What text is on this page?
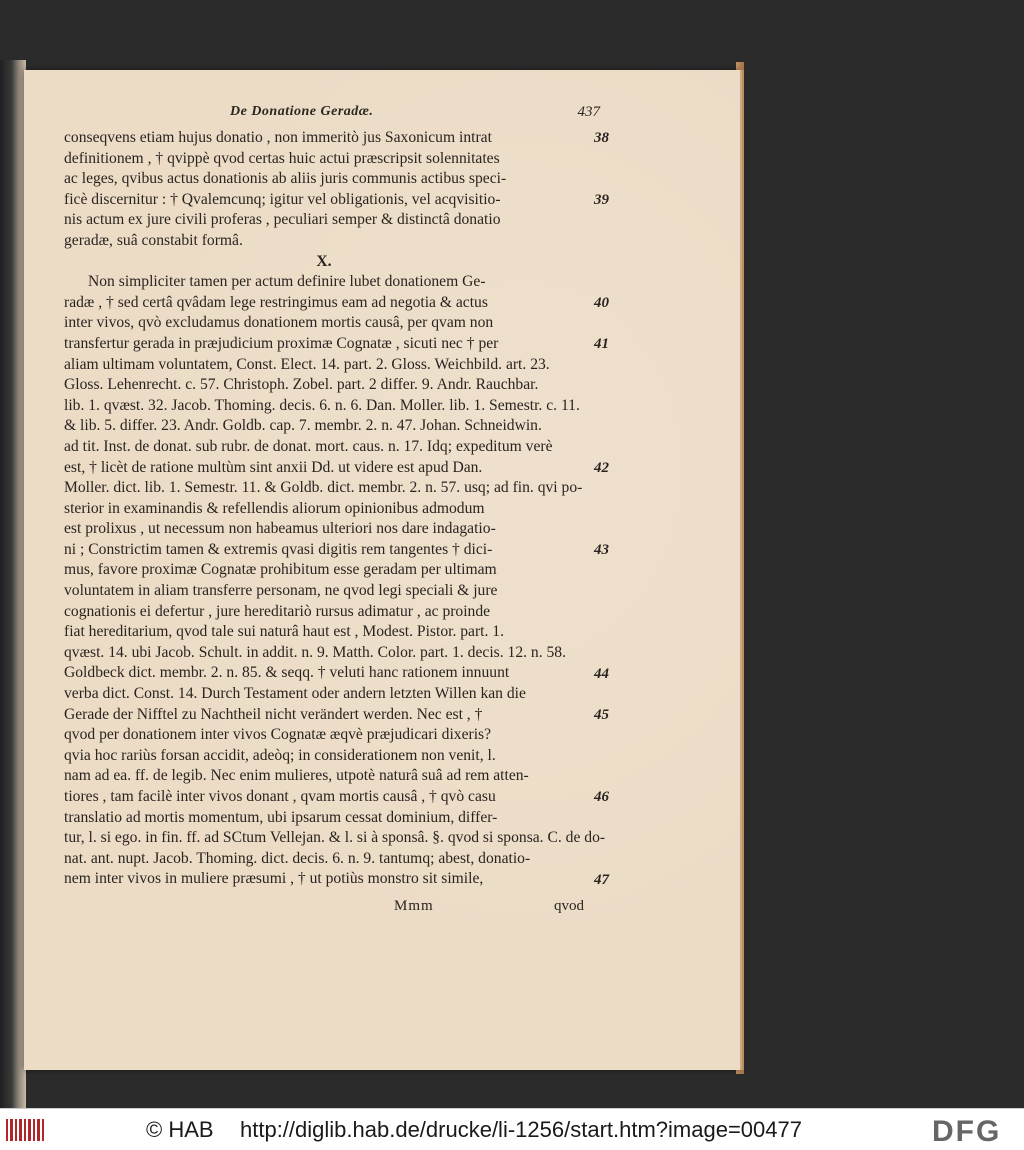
De Donatione Geradæ.	437
conseqvens etiam hujus donatio , non immeritò jus Saxonicum intrat
definitionem , † qvippè qvod certas huic actui præscripsit solennitates
ac leges, qvibus actus donationis ab aliis juris communis actibus speci-
ficè discernitur : † Qvalemcunq; igitur vel obligationis, vel acqvisitio-
nis actum ex jure civili proferas , peculiari semper & distinctâ donatio
geradæ, suâ constabit formâ.
X.
Non simpliciter tamen per actum definire lubet donationem Ge-
radæ , † sed certâ qvâdam lege restringimus eam ad negotia & actus
inter vivos, qvò excludamus donationem mortis causâ, per qvam non
transfertur gerada in præjudicium proximæ Cognatæ , sicuti nec † per
aliam ultimam voluntatem, Const. Elect. 14. part. 2. Gloss. Weichbild. art. 23.
Gloss. Lehenrecht. c. 57. Christoph. Zobel. part. 2 differ. 9. Andr. Rauchbar.
lib. 1. qvæst. 32. Jacob. Thoming. decis. 6. n. 6. Dan. Moller. lib. 1. Semestr. c. 11.
& lib. 5. differ. 23. Andr. Goldb. cap. 7. membr. 2. n. 47. Johan. Schneidwin.
ad tit. Inst. de donat. sub rubr. de donat. mort. caus. n. 17. Idq; expeditum verè
est, † licèt de ratione multùm sint anxii Dd. ut videre est apud Dan.
Moller. dict. lib. 1. Semestr. 11. & Goldb. dict. membr. 2. n. 57. usq; ad fin. qvi po-
sterior in examinandis & refellendis aliorum opinionibus admodum
est prolixus , ut necessum non habeamus ulteriori nos dare indagatio-
ni ; Constrictim tamen & extremis qvasi digitis rem tangentes † dici-
mus, favore proximæ Cognatæ prohibitum esse geradam per ultimam
voluntatem in aliam transferre personam, ne qvod legi speciali & jure
cognationis ei defertur , jure hereditariò rursus adimatur , ac proinde
fiat hereditarium, qvod tale sui naturâ haut est , Modest. Pistor. part. 1.
qvæst. 14. ubi Jacob. Schult. in addit. n. 9. Matth. Color. part. 1. decis. 12. n. 58.
Goldbeck dict. membr. 2. n. 85. & seqq. † veluti hanc rationem innuunt
verba dict. Const. 14. Durch Testament oder andern letzten Willen kan die
Gerade der Nifftel zu Nachtheil nicht verändert werden. Nec est , †
qvod per donationem inter vivos Cognatæ æqvè præjudicari dixeris?
qvia hoc rariùs forsan accidit, adeòq; in considerationem non venit, l.
nam ad ea. ff. de legib. Nec enim mulieres, utpotè naturâ suâ ad rem atten-
tiores , tam facilè inter vivos donant , qvam mortis causâ , † qvò casu
translatio ad mortis momentum, ubi ipsarum cessat dominium, differ-
tur, l. si ego. in fin. ff. ad SCtum Vellejan. & l. si à sponsâ. §. qvod si sponsa. C. de do-
nat. ant. nupt. Jacob. Thoming. dict. decis. 6. n. 9. tantumq; abest, donatio-
nem inter vivos in muliere præsumi , † ut potiùs monstro sit simile,
38
39
40
41
42
43
44
45
46
47
Mmm	qvod
© HAB http://diglib.hab.de/drucke/li-1256/start.htm?image=00477	DFG
